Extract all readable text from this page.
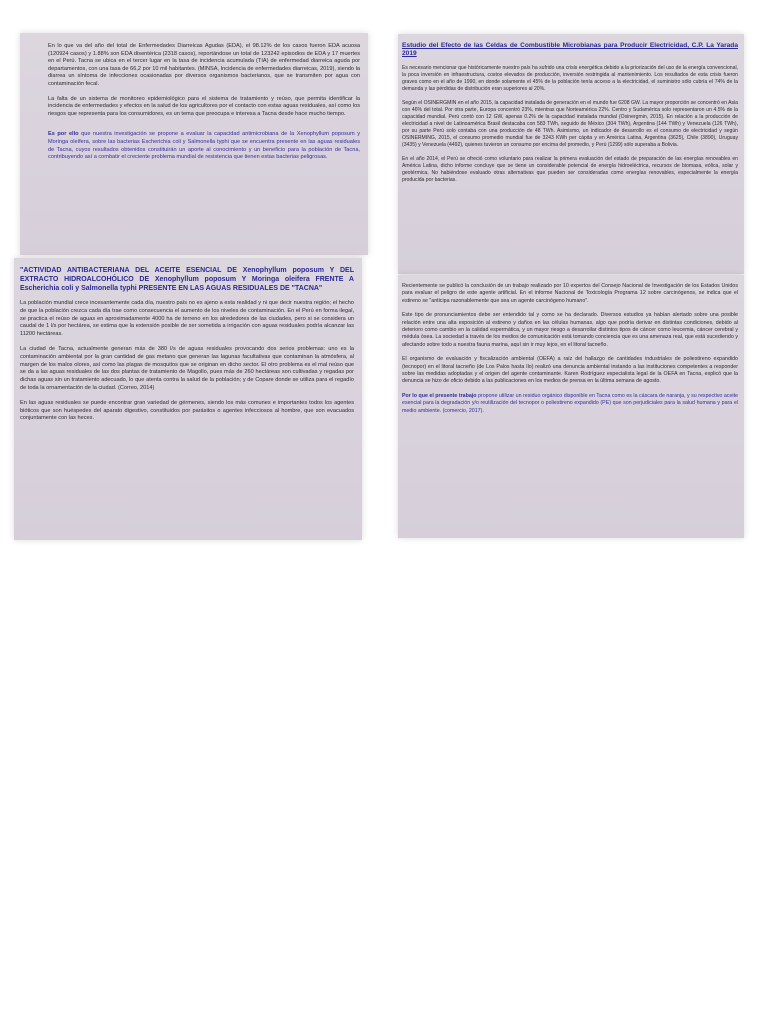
En lo que va del año del total de Enfermedades Diarreicas Agudas (EDA), el 98.12% de los casos fueron EDA acuosa (120924 casos) y 1.88% son EDA disentérica (2318 casos), reportándose un total de 123242 episodios de EDA y 17 muertes en el Perú. Tacna se ubica en el tercer lugar en la tasa de incidencia acumulada (TIA) de enfermedad diarreica aguda por departamentos, con una tasa de 66,2 por 10 mil habitantes. (MINSA, Incidencia de enfermedades diarreicas, 2019), siendo la diarrea un síntoma de infecciones ocasionadas por diversos organismos bacterianos, que se transmiten por agua con contaminación fecal.

La falta de un sistema de monitoreo epidemiológico para el sistema de tratamiento y reúso, que permita identificar la incidencia de enfermedades y efectos en la salud de los agricultores por el contacto con estas aguas residuales, así como los riesgos que representa para los consumidores, es un tema que preocupa e interesa a Tacna desde hace mucho tiempo.

Es por ello que nuestra investigación se propone a evaluar la capacidad antimicrobiana de la Xenophyllum poposum y Moringa oleífera, sobre las bacterias Escherichia coli y Salmonella typhi que se encuentra presente en las aguas residuales de Tacna, cuyos resultados obtenidos constituirán un aporte al conocimiento y un beneficio para la población de Tacna, contribuyendo así a combatir el creciente problema mundial de resistencia que tienen estas bacterias peligrosas.

"ACTIVIDAD ANTIBACTERIANA DEL ACEITE ESENCIAL DE Xenophyllum poposum Y DEL EXTRACTO HIDROALCOHÓLICO DE Xenophyllum poposum Y Moringa oleifera FRENTE A Escherichia coli y Salmonella typhi PRESENTE EN LAS AGUAS RESIDUALES DE "TACNA"

La población mundial crece incesantemente cada día, nuestro país no es ajeno a esta realidad y ni que decir nuestra región; el hecho de que la población crezca cada día trae como consecuencia el aumento de los niveles de contaminación. En el Perú en forma ilegal, se practica el reúso de aguas en aproximadamente 4000 ha de terreno en los alrededores de las ciudades, pero si se considera un caudal de 1 l/s por hectárea, se estima que la extensión posible de ser sometida a irrigación con aguas residuales podría alcanzar las 11200 hectáreas.

La ciudad de Tacna, actualmente generan más de 380 l/s de aguas residuales provocando dos serios problemas: uno es la contaminación ambiental por la gran cantidad de gas metano que generan las lagunas facultativas que contaminan la atmósfera, al margen de los malos olores, así como las plagas de mosquitos que se originan en dicho sector. El otro problema es el mal reúso que se da a las aguas residuales de las dos plantas de tratamiento de Magollo, pues más de 260 hectáreas son cultivadas y regadas por dichas aguas sin un tratamiento adecuado, lo que atenta contra la salud de la población; y de Copare donde se utiliza para el regadío de toda la ornamentación de la ciudad. (Correo, 2014)

En las aguas residuales se puede encontrar gran variedad de gérmenes, siendo los más comunes e importantes todos los agentes bióticos que son huéspedes del aparato digestivo, constituidos por parásitos o agentes infecciosos al hombre, que son evacuados conjuntamente con las heces.

Estudio del Efecto de las Celdas de Combustible Microbianas para Producir Electricidad, C.P. La Yarada 2019

Es necesario mencionar que históricamente nuestro país ha sufrido una crisis energética debido a la priorización del uso de la energía convencional, la poca inversión en infraestructura, costos elevados de producción, inversión restringida al mantenimiento. Los resultados de esta crisis fueron graves como en el año de 1990, en donde solamente el 45% de la población tenía acceso a la electricidad, el suministro sólo cubría el 74% de la demanda y las pérdidas de distribución eran superiores al 20%.

Según el OSINERGMIN en el año 2015, la capacidad instalada de generación en el mundo fue 6208 GW. La mayor proporción se concentró en Asia con 46% del total. Por otra parte, Europa concentró 23%, mientras que Norteamérica 22%. Centro y Sudamérica solo representaron un 4.5% de la capacidad mundial. Perú contó con 12 GW, apenas 0.2% de la capacidad instalada mundial (Osinergmin, 2015). En relación a la producción de electricidad a nivel de Latinoamérica Brasil destacaba con 583 TWh, seguido de México (304 TWh), Argentina (144 TWh) y Venezuela (126 TWh), por su parte Perú solo contaba con una producción de 48 TWh. Asimismo, un indicador de desarrollo es el consumo de electricidad y según OSINERMING, 2015, el consumo promedio mundial fue de 3243 KWh per cápita y en América Latina, Argentina (3625), Chile (3890), Uruguay (3435) y Venezuela (4492), quienes tuvieron un consumo por encima del promedio, y Perú (1299) sólo superaba a Bolivia.

En el año 2014, el Perú se ofreció como voluntario para realizar la primera evaluación del estado de preparación de las energías renovables en América Latina, dicho informe concluye que se tiene un considerable potencial de energía hidroeléctrica, recursos de biomasa, eólica, solar y geotérmica, No habiéndose evaluado otras alternativas que pueden ser consideradas como energías renovables, especialmente la energía producida por bacterias.

Recientemente se publicó la conclusión de un trabajo realizado por 10 expertos del Consejo Nacional de Investigación de los Estados Unidos para evaluar el peligro de este agente artificial. En el informe Nacional de Toxicología Programa 12 sobre carcinógenos, se indica que el estireno se "anticipa razonablemente que sea un agente carcinógeno humano".

Este tipo de pronunciamientos debe ser entendido tal y como se ha declarado. Diversos estudios ya habían alertado sobre una posible relación entre una alta exposición al estireno y daños en las células humanas, algo que podría derivar en distintas condiciones, debido al deterioro como cambio en la calidad espermática, y un mayor riesgo a desarrollar distintos tipos de cáncer como leucemia, cáncer cerebral y médula ósea. La sociedad a través de los medios de comunicación está tomando conciencia que es una amenaza real, que está sucediendo y afectando sobre todo a nuestra fauna marina, aquí sin ir muy lejos, en el litoral tacneño.

El organismo de evaluación y fiscalización ambiental (OEFA) a raíz del hallazgo de cantidades industriales de poliestireno expandido (tecnopor) en el litoral tacneño (de Los Palos hasta Ilo) realizó una denuncia ambiental instando a las instituciones competentes a responder sobre las medidas adoptadas y el origen del agente contaminante. Karen Rodríguez especialista legal de la OEFA en Tacna, explicó que la denuncia se hizo de oficio debido a las publicaciones en los medios de prensa en la última semana de agosto.

Por lo que el presente trabajo propone utilizar un residuo orgánico disponible en Tacna como es la cáscara de naranja, y su respectivo aceite esencial para la degradación y/o reutilización del tecnopor o poliestireno expandido (PE) que son perjudiciales para la salud humana y para el medio ambiente. (comercio, 2017).
